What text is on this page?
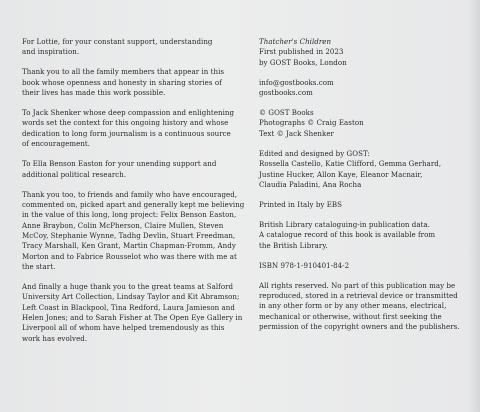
For Lottie, for your constant support, understanding
and inspiration.

Thank you to all the family members that appear in this
book whose openness and honesty in sharing stories of
their lives has made this work possible.

To Jack Shenker whose deep compassion and enlightening
words set the context for this ongoing history and whose
dedication to long form journalism is a continuous source
of encouragement.

To Ella Benson Easton for your unending support and
additional political research.

Thank you too, to friends and family who have encouraged,
commented on, picked apart and generally kept me believing
in the value of this long, long project: Felix Benson Easton,
Anne Braybon, Colin McPherson, Claire Mullen, Steven
McCoy, Stephanie Wynne, Tadhg Devlin, Stuart Freedman,
Tracy Marshall, Ken Grant, Martin Chapman-Fromm, Andy
Morton and to Fabrice Rousselot who was there with me at
the start.

And finally a huge thank you to the great teams at Salford
University Art Collection, Lindsay Taylor and Kit Abramson;
Left Coast in Blackpool, Tina Redford, Laura Jamieson and
Helen Jones; and to Sarah Fisher at The Open Eye Gallery in
Liverpool all of whom have helped tremendously as this
work has evolved.

Thatcher's Children
First published in 2023
by GOST Books, London

info@gostbooks.com
gostbooks.com

© GOST Books
Photographs © Craig Easton
Text © Jack Shenker

Edited and designed by GOST:
Rossella Castello, Katie Clifford, Gemma Gerhard,
Justine Hucker, Allon Kaye, Eleanor Macnair,
Claudia Paladini, Ana Rocha

Printed in Italy by EBS

British Library cataloguing-in publication data.
A catalogue record of this book is available from
the British Library.

ISBN 978-1-910401-84-2

All rights reserved. No part of this publication may be
reproduced, stored in a retrieval device or transmitted
in any other form or by any other means, electrical,
mechanical or otherwise, without first seeking the
permission of the copyright owners and the publishers.
